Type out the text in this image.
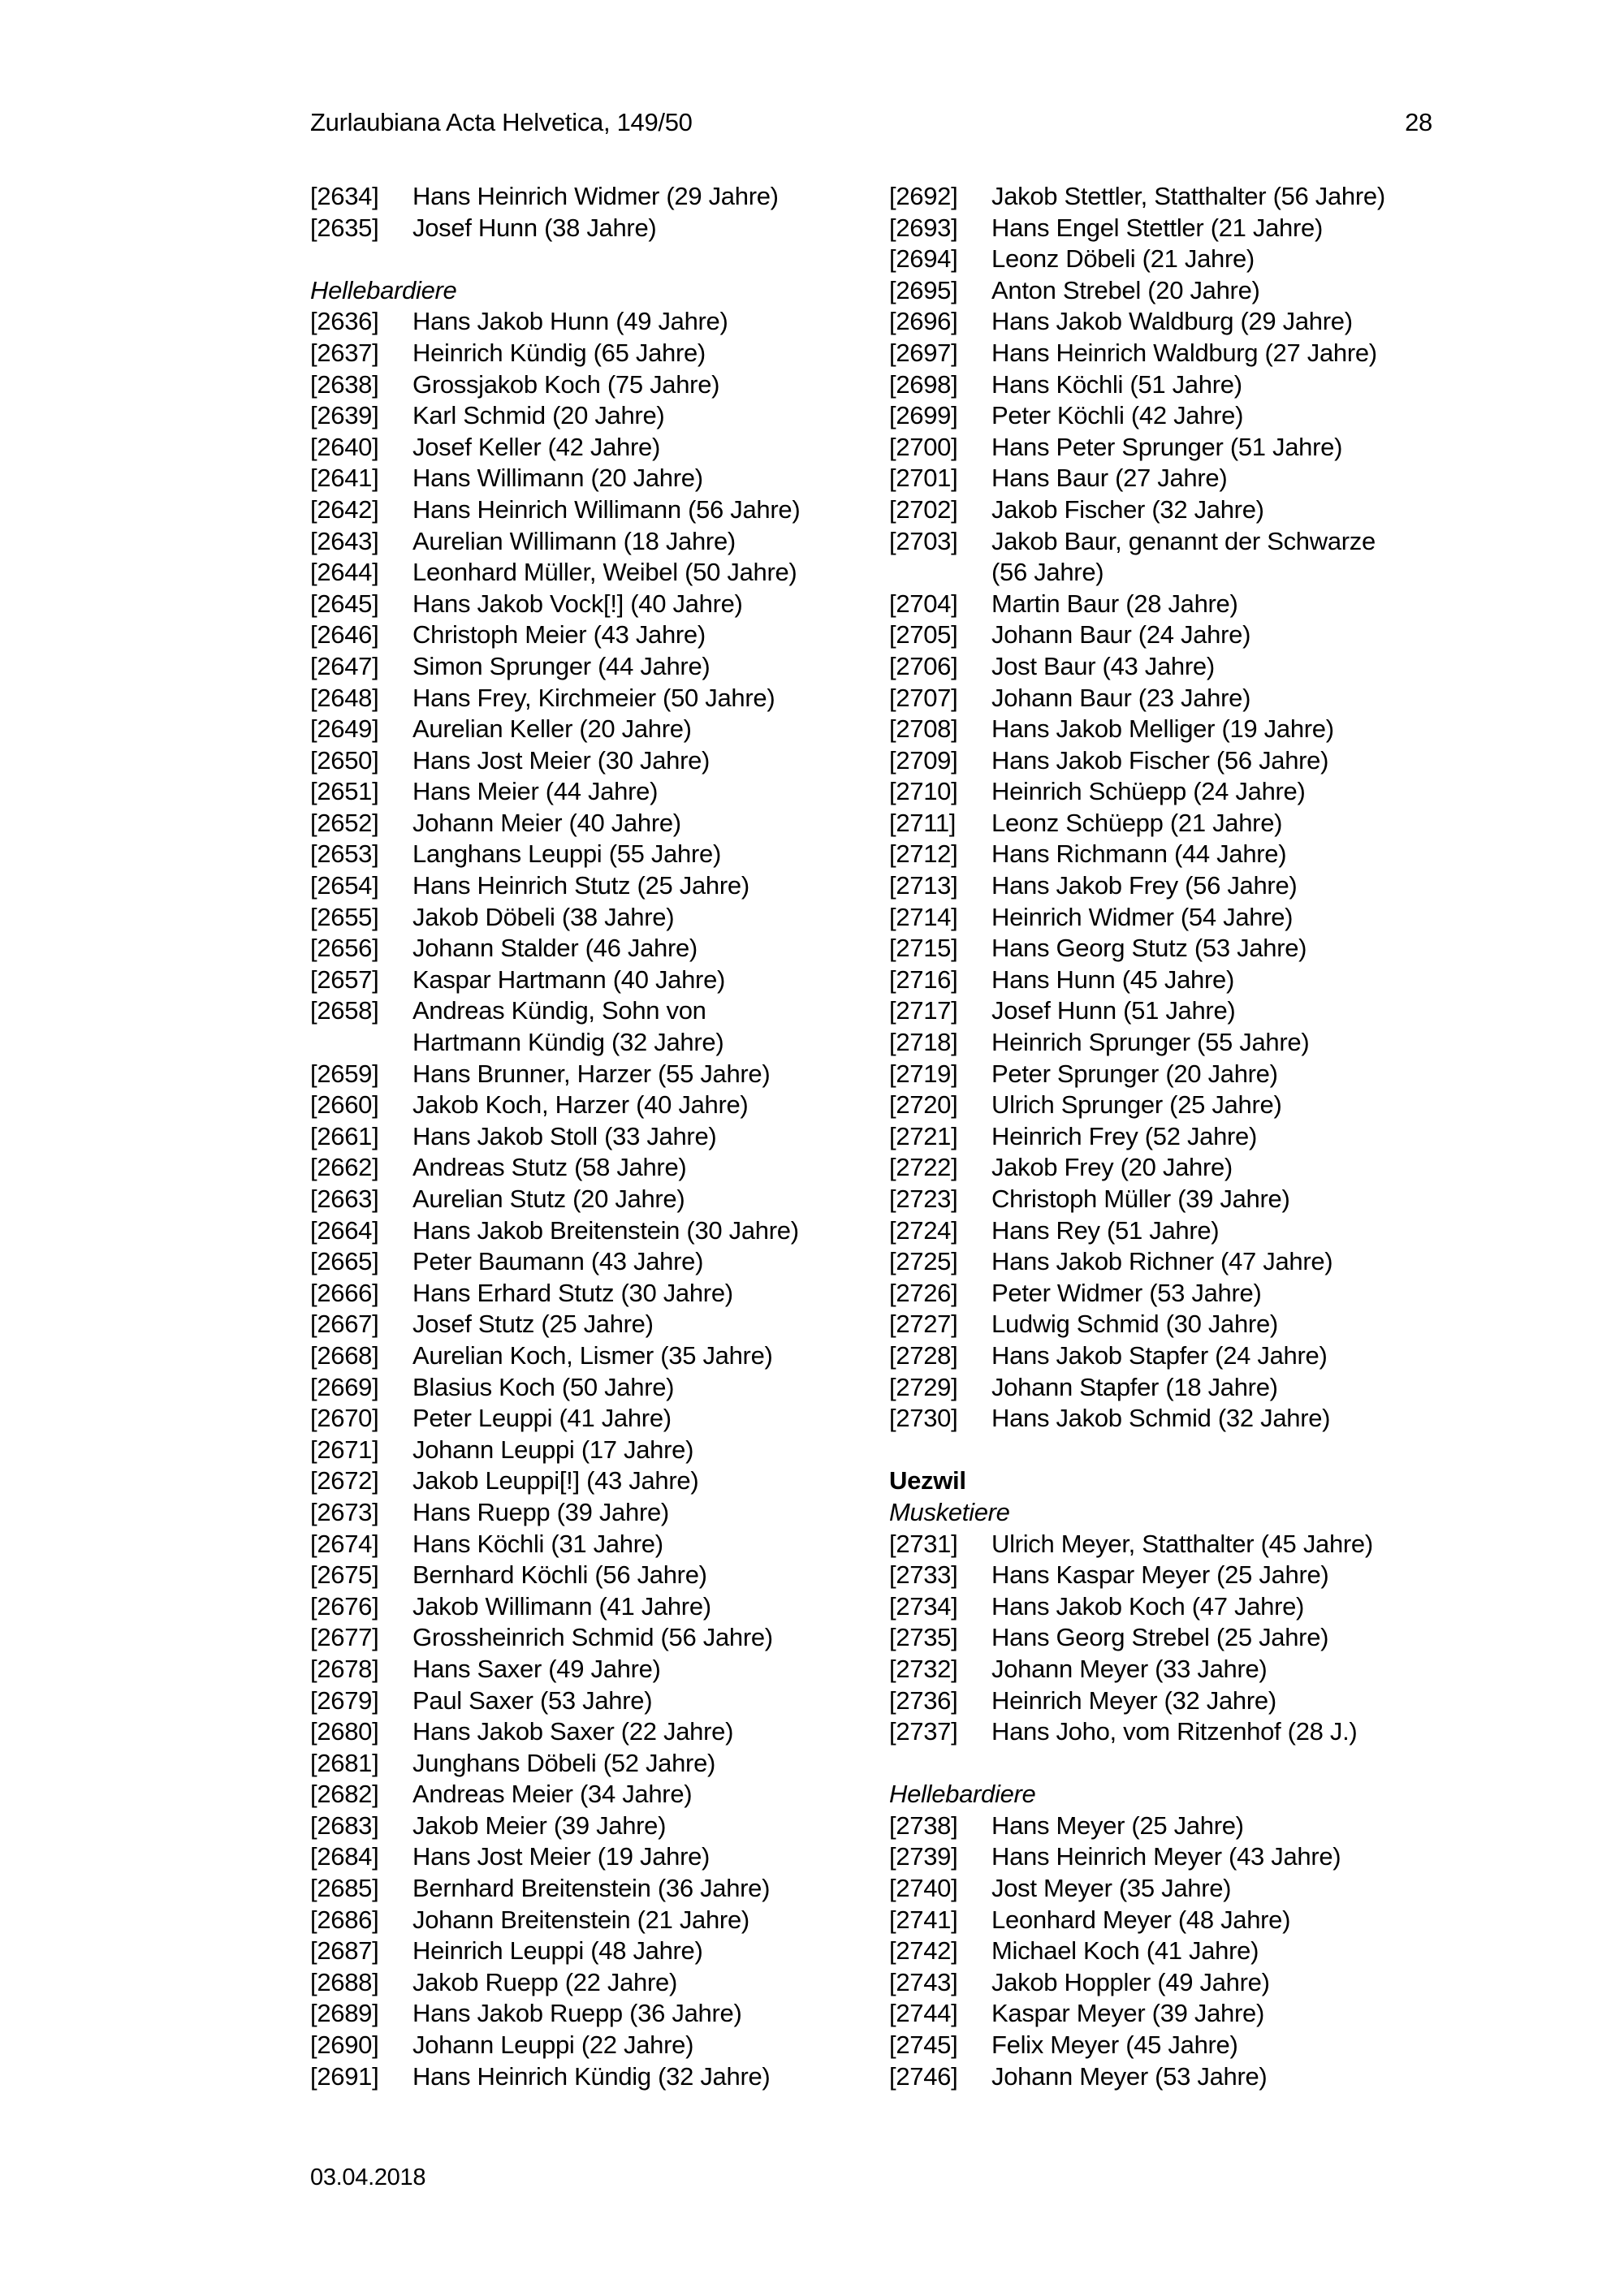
Zurlaubiana Acta Helvetica, 149/50	28
[2634]	Hans Heinrich Widmer (29 Jahre)
[2635]	Josef Hunn (38 Jahre)

Hellebardiere
[2636]	Hans Jakob Hunn (49 Jahre)
[2637]	Heinrich Kündig (65 Jahre)
[2638]	Grossjakob Koch (75 Jahre)
[2639]	Karl Schmid (20 Jahre)
[2640]	Josef Keller (42 Jahre)
[2641]	Hans Willimann (20 Jahre)
[2642]	Hans Heinrich Willimann (56 Jahre)
[2643]	Aurelian Willimann (18 Jahre)
[2644]	Leonhard Müller, Weibel (50 Jahre)
[2645]	Hans Jakob Vock[!] (40 Jahre)
[2646]	Christoph Meier (43 Jahre)
[2647]	Simon Sprunger (44 Jahre)
[2648]	Hans Frey, Kirchmeier (50 Jahre)
[2649]	Aurelian Keller (20 Jahre)
[2650]	Hans Jost Meier (30 Jahre)
[2651]	Hans Meier (44 Jahre)
[2652]	Johann Meier (40 Jahre)
[2653]	Langhans Leuppi (55 Jahre)
[2654]	Hans Heinrich Stutz (25 Jahre)
[2655]	Jakob Döbeli (38 Jahre)
[2656]	Johann Stalder (46 Jahre)
[2657]	Kaspar Hartmann (40 Jahre)
[2658]	Andreas Kündig, Sohn von
Hartmann Kündig (32 Jahre)
[2659]	Hans Brunner, Harzer (55 Jahre)
[2660]	Jakob Koch, Harzer (40 Jahre)
[2661]	Hans Jakob Stoll (33 Jahre)
[2662]	Andreas Stutz (58 Jahre)
[2663]	Aurelian Stutz (20 Jahre)
[2664]	Hans Jakob Breitenstein (30 Jahre)
[2665]	Peter Baumann (43 Jahre)
[2666]	Hans Erhard Stutz (30 Jahre)
[2667]	Josef Stutz (25 Jahre)
[2668]	Aurelian Koch, Lismer (35 Jahre)
[2669]	Blasius Koch (50 Jahre)
[2670]	Peter Leuppi (41 Jahre)
[2671]	Johann Leuppi (17 Jahre)
[2672]	Jakob Leuppi[!] (43 Jahre)
[2673]	Hans Ruepp (39 Jahre)
[2674]	Hans Köchli (31 Jahre)
[2675]	Bernhard Köchli (56 Jahre)
[2676]	Jakob Willimann (41 Jahre)
[2677]	Grossheinrich Schmid (56 Jahre)
[2678]	Hans Saxer (49 Jahre)
[2679]	Paul Saxer (53 Jahre)
[2680]	Hans Jakob Saxer (22 Jahre)
[2681]	Junghans Döbeli (52 Jahre)
[2682]	Andreas Meier (34 Jahre)
[2683]	Jakob Meier (39 Jahre)
[2684]	Hans Jost Meier (19 Jahre)
[2685]	Bernhard Breitenstein (36 Jahre)
[2686]	Johann Breitenstein (21 Jahre)
[2687]	Heinrich Leuppi (48 Jahre)
[2688]	Jakob Ruepp (22 Jahre)
[2689]	Hans Jakob Ruepp (36 Jahre)
[2690]	Johann Leuppi (22 Jahre)
[2691]	Hans Heinrich Kündig (32 Jahre)
[2692]	Jakob Stettler, Statthalter (56 Jahre)
[2693]	Hans Engel Stettler (21 Jahre)
[2694]	Leonz Döbeli (21 Jahre)
[2695]	Anton Strebel (20 Jahre)
[2696]	Hans Jakob Waldburg (29 Jahre)
[2697]	Hans Heinrich Waldburg (27 Jahre)
[2698]	Hans Köchli (51 Jahre)
[2699]	Peter Köchli (42 Jahre)
[2700]	Hans Peter Sprunger (51 Jahre)
[2701]	Hans Baur (27 Jahre)
[2702]	Jakob Fischer (32 Jahre)
[2703]	Jakob Baur, genannt der Schwarze
(56 Jahre)
[2704]	Martin Baur (28 Jahre)
[2705]	Johann Baur (24 Jahre)
[2706]	Jost Baur (43 Jahre)
[2707]	Johann Baur (23 Jahre)
[2708]	Hans Jakob Melliger (19 Jahre)
[2709]	Hans Jakob Fischer (56 Jahre)
[2710]	Heinrich Schüepp (24 Jahre)
[2711]	Leonz Schüepp (21 Jahre)
[2712]	Hans Richmann (44 Jahre)
[2713]	Hans Jakob Frey (56 Jahre)
[2714]	Heinrich Widmer (54 Jahre)
[2715]	Hans Georg Stutz (53 Jahre)
[2716]	Hans Hunn (45 Jahre)
[2717]	Josef Hunn (51 Jahre)
[2718]	Heinrich Sprunger (55 Jahre)
[2719]	Peter Sprunger (20 Jahre)
[2720]	Ulrich Sprunger (25 Jahre)
[2721]	Heinrich Frey (52 Jahre)
[2722]	Jakob Frey (20 Jahre)
[2723]	Christoph Müller (39 Jahre)
[2724]	Hans Rey (51 Jahre)
[2725]	Hans Jakob Richner (47 Jahre)
[2726]	Peter Widmer (53 Jahre)
[2727]	Ludwig Schmid (30 Jahre)
[2728]	Hans Jakob Stapfer (24 Jahre)
[2729]	Johann Stapfer (18 Jahre)
[2730]	Hans Jakob Schmid (32 Jahre)

Uezwil
Musketiere
[2731]	Ulrich Meyer, Statthalter (45 Jahre)
[2733]	Hans Kaspar Meyer (25 Jahre)
[2734]	Hans Jakob Koch (47 Jahre)
[2735]	Hans Georg Strebel (25 Jahre)
[2732]	Johann Meyer (33 Jahre)
[2736]	Heinrich Meyer (32 Jahre)
[2737]	Hans Joho, vom Ritzenhof (28 J.)

Hellebardiere
[2738]	Hans Meyer (25 Jahre)
[2739]	Hans Heinrich Meyer (43 Jahre)
[2740]	Jost Meyer (35 Jahre)
[2741]	Leonhard Meyer (48 Jahre)
[2742]	Michael Koch (41 Jahre)
[2743]	Jakob Hoppler (49 Jahre)
[2744]	Kaspar Meyer (39 Jahre)
[2745]	Felix Meyer (45 Jahre)
[2746]	Johann Meyer (53 Jahre)
03.04.2018
